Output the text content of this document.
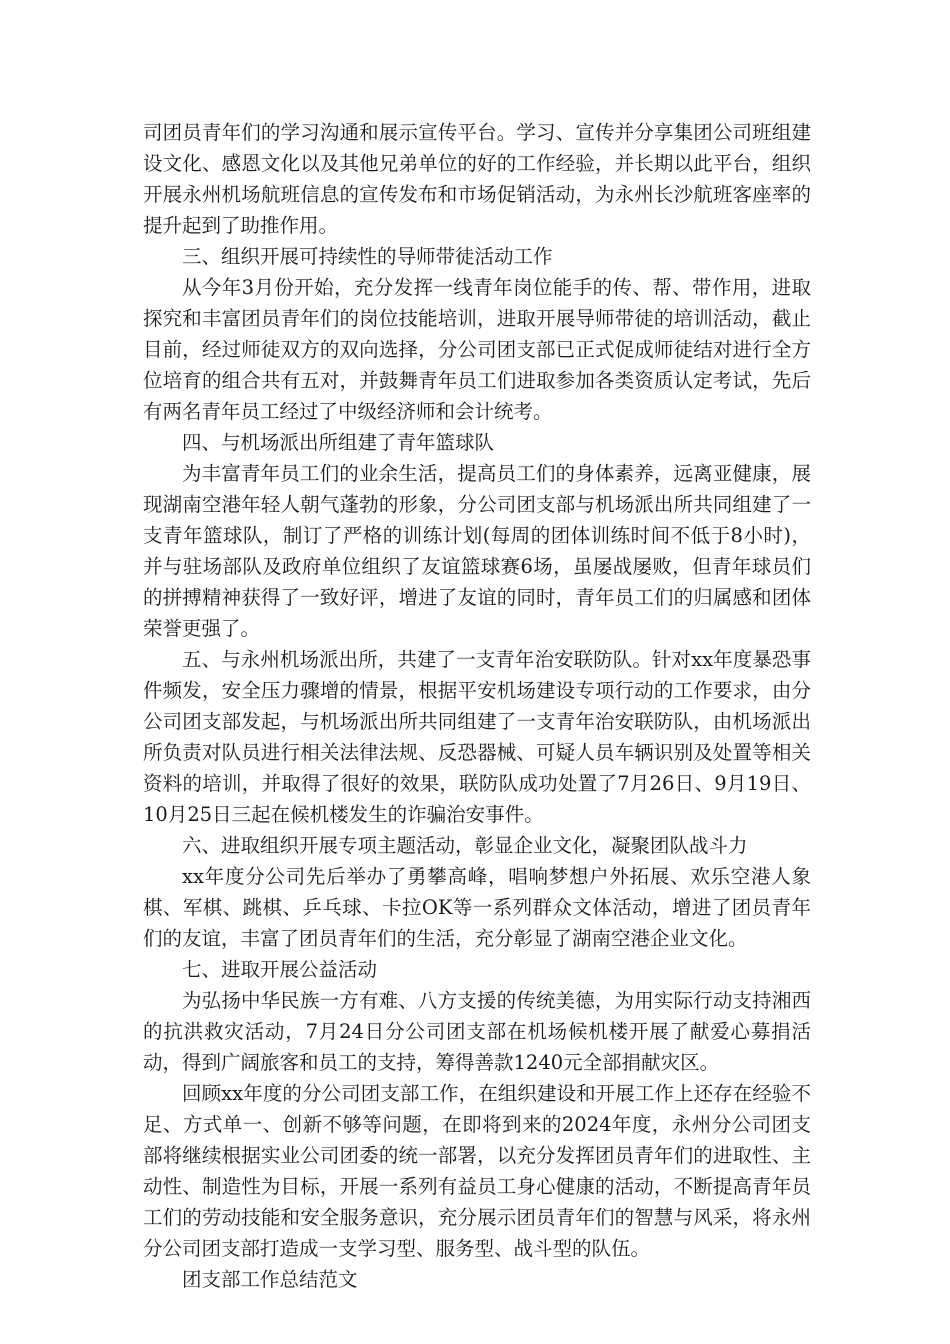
司团员青年们的学习沟通和展示宣传平台。学习、宣传并分享集团公司班组建设文化、感恩文化以及其他兄弟单位的好的工作经验，并长期以此平台，组织开展永州机场航班信息的宣传发布和市场促销活动，为永州长沙航班客座率的提升起到了助推作用。

三、组织开展可持续性的导师带徒活动工作

从今年3月份开始，充分发挥一线青年岗位能手的传、帮、带作用，进取探究和丰富团员青年们的岗位技能培训，进取开展导师带徒的培训活动，截止目前，经过师徒双方的双向选择，分公司团支部已正式促成师徒结对进行全方位培育的组合共有五对，并鼓舞青年员工们进取参加各类资质认定考试，先后有两名青年员工经过了中级经济师和会计统考。

四、与机场派出所组建了青年篮球队

为丰富青年员工们的业余生活，提高员工们的身体素养，远离亚健康，展现湖南空港年轻人朝气蓬勃的形象，分公司团支部与机场派出所共同组建了一支青年篮球队，制订了严格的训练计划(每周的团体训练时间不低于8小时)，并与驻场部队及政府单位组织了友谊篮球赛6场，虽屡战屡败，但青年球员们的拼搏精神获得了一致好评，增进了友谊的同时，青年员工们的归属感和团体荣誉更强了。

五、与永州机场派出所，共建了一支青年治安联防队。针对xx年度暴恐事件频发，安全压力骤增的情景，根据平安机场建设专项行动的工作要求，由分公司团支部发起，与机场派出所共同组建了一支青年治安联防队，由机场派出所负责对队员进行相关法律法规、反恐器械、可疑人员车辆识别及处置等相关资料的培训，并取得了很好的效果，联防队成功处置了7月26日、9月19日、10月25日三起在候机楼发生的诈骗治安事件。

六、进取组织开展专项主题活动，彰显企业文化，凝聚团队战斗力

xx年度分公司先后举办了勇攀高峰，唱响梦想户外拓展、欢乐空港人象棋、军棋、跳棋、乒乓球、卡拉OK等一系列群众文体活动，增进了团员青年们的友谊，丰富了团员青年们的生活，充分彰显了湖南空港企业文化。

七、进取开展公益活动

为弘扬中华民族一方有难、八方支援的传统美德，为用实际行动支持湘西的抗洪救灾活动，7月24日分公司团支部在机场候机楼开展了献爱心募捐活动，得到广阔旅客和员工的支持，筹得善款1240元全部捐献灾区。

回顾xx年度的分公司团支部工作，在组织建设和开展工作上还存在经验不足、方式单一、创新不够等问题，在即将到来的2024年度，永州分公司团支部将继续根据实业公司团委的统一部署，以充分发挥团员青年们的进取性、主动性、制造性为目标，开展一系列有益员工身心健康的活动，不断提高青年员工们的劳动技能和安全服务意识，充分展示团员青年们的智慧与风采，将永州分公司团支部打造成一支学习型、服务型、战斗型的队伍。

团支部工作总结范文
